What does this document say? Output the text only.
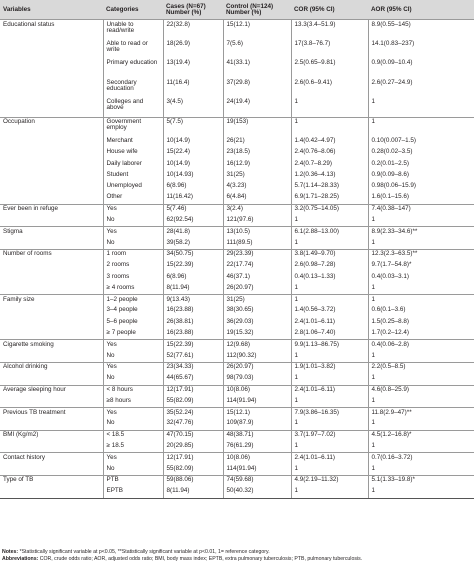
Variables	Categories	Cases (N=67) Number (%)	Control (N=124) Number (%)	COR (95% CI)	AOR (95% CI)
Educational status	Unable to read/write	22(32.8)	15(12.1)	13.3(3.4–51.9)	8.9(0.55–145)
	Able to read or write	18(26.9)	7(5.6)	17(3.8–76.7)	14.1(0.83–237)
	Primary education	13(19.4)	41(33.1)	2.5(0.65–9.81)	0.9(0.09–10.4)
	Secondary education	11(16.4)	37(29.8)	2.6(0.6–9.41)	2.6(0.27–24.9)
	Colleges and above	3(4.5)	24(19.4)	1	1
Occupation	Government employ	5(7.5)	19(153)	1	1
	Merchant	10(14.9)	26(21)	1.4(0.42–4.97)	0.10(0.007–1.5)
	House wife	15(22.4)	23(18.5)	2.4(0.76–8.06)	0.28(0.02–3.5)
	Daily laborer	10(14.9)	16(12.9)	2.4(0.7–8.29)	0.2(0.01–2.5)
	Student	10(14.93)	31(25)	1.2(0.36–4.13)	0.9(0.09–8.6)
	Unemployed	6(8.96)	4(3.23)	5.7(1.14–28.33)	0.98(0.06–15.9)
	Other	11(16.42)	6(4.84)	6.9(1.71–28.25)	1.6(0.1–15.6)
Ever been in refuge	Yes	5(7.46)	3(2.4)	3.2(0.75–14.05)	7.4(0.38–147)
	No	62(92.54)	121(97.6)	1	1
Stigma	Yes	28(41.8)	13(10.5)	6.1(2.88–13.00)	8.9(2.33–34.6)**
	No	39(58.2)	111(89.5)	1	1
Number of rooms	1 room	34(50.75)	29(23.39)	3.8(1.49–9.70)	12.3(2.3–63.5)**
	2 rooms	15(22.39)	22(17.74)	2.6(0.98–7.28)	9.7(1.7–54.8)*
	3 rooms	6(8.96)	46(37.1)	0.4(0.13–1.33)	0.4(0.03–3.1)
	≥ 4 rooms	8(11.94)	26(20.97)	1	1
Family size	1–2 people	9(13.43)	31(25)	1	1
	3–4 people	16(23.88)	38(30.65)	1.4(0.56–3.72)	0.6(0.1–3.6)
	5–6 people	26(38.81)	36(29.03)	2.4(1.01–6.11)	1.5(0.25–8.8)
	≥ 7 people	16(23.88)	19(15.32)	2.8(1.06–7.40)	1.7(0.2–12.4)
Cigarette smoking	Yes	15(22.39)	12(9.68)	9.9(1.13–86.75)	0.4(0.06–2.8)
	No	52(77.61)	112(90.32)	1	1
Alcohol drinking	Yes	23(34.33)	26(20.97)	1.9(1.01–3.82)	2.2(0.5–8.5)
	No	44(65.67)	98(79.03)	1	1
Average sleeping hour	< 8 hours	12(17.91)	10(8.06)	2.4(1.01–6.11)	4.6(0.8–25.9)
	≥8 hours	55(82.09)	114(91.94)	1	1
Previous TB treatment	Yes	35(52.24)	15(12.1)	7.9(3.86–16.35)	11.8(2.9–47)**
	No	32(47.76)	109(87.9)	1	1
BMI (Kg/m2)	< 18.5	47(70.15)	48(38.71)	3.7(1.97–7.02)	4.5(1.2–16.8)*
	≥ 18.5	20(29.85)	76(61.29)	1	1
Contact history	Yes	12(17.91)	10(8.06)	2.4(1.01–6.11)	0.7(0.16–3.72)
	No	55(82.09)	114(91.94)	1	1
Type of TB	PTB	59(88.06)	74(59.68)	4.9(2.19–11.32)	5.1(1.33–19.8)*
	EPTB	8(11.94)	50(40.32)	1	1
Notes: *Statistically significant variable at p<0.05, **Statistically significant variable at p<0.01, 1= reference category.
Abbreviations: COR, crude odds ratio; AOR, adjusted odds ratio; BMI, body mass index; EPTB, extra pulmonary tuberculosis; PTB, pulmonary tuberculosis.
